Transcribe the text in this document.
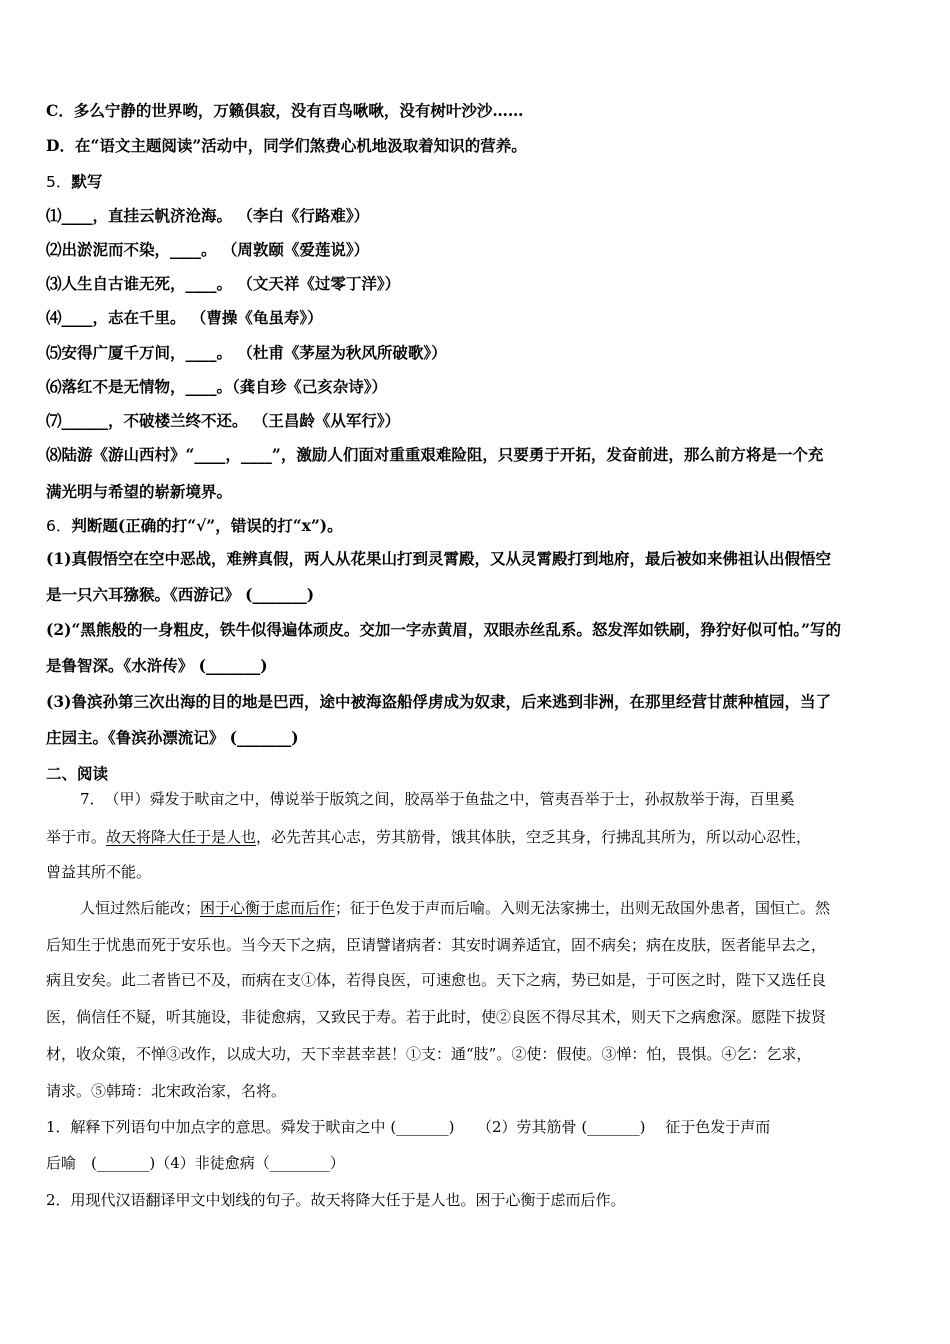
C．多么宁静的世界哟，万籁俱寂，没有百鸟啾啾，没有树叶沙沙……
D．在“语文主题阅读”活动中，同学们煞费心机地汲取着知识的营养。
5．默写
⑴____，直挂云帆济沧海。 （李白《行路难》）
⑵出淤泥而不染，____。 （周敦颐《爱莲说》）
⑶人生自古谁无死，____。 （文天祥《过零丁洋》）
⑷____，志在千里。 （曹操《龟虽寿》）
⑸安得广厦千万间，____。 （杜甫《茅屋为秋风所破歌》）
⑹落红不是无情物，____。（龚自珍《己亥杂诗》）
⑺______，不破楼兰终不还。 （王昌龄《从军行》）
⑻陆游《游山西村》“____，____”，激励人们面对重重艰难险阻，只要勇于开拓，发奋前进，那么前方将是一个充
满光明与希望的崭新境界。
6．判断题(正确的打“√”，错误的打“x”)。
(1)真假悟空在空中恶战，难辨真假，两人从花果山打到灵霄殿，又从灵霄殿打到地府，最后被如来佛祖认出假悟空
是一只六耳猕猴。《西游记》 (_______)
(2)“黑熊般的一身粗皮，铁牛似得遍体顽皮。交加一字赤黄眉，双眼赤丝乱系。怒发浑如铁刷，狰狞好似可怕。”写的
是鲁智深。《水浒传》 (_______)
(3)鲁滨孙第三次出海的目的地是巴西，途中被海盗船俘虏成为奴隶，后来逃到非洲，在那里经营甘蔗种植园，当了
庄园主。《鲁滨孙漂流记》 (_______)
二、阅读
7．　（甲）舜发于畎亩之中，傅说举于版筑之间，胶鬲举于鱼盐之中，管夷吾举于士，孙叔敖举于海，百里奚
举于市。故天将降大任于是人也，必先苦其心志，劳其筋骨，饿其体肤，空乏其身，行拂乱其所为，所以动心忍性，
曾益其所不能。
人恒过然后能改；困于心衡于虑而后作；征于色发于声而后喻。入则无法家拂士，出则无敌国外患者，国恒亡。然
后知生于忧患而死于安乐也。当今天下之病，臣请譬诸病者：其安时调养适宜，固不病矣；病在皮肤，医者能早去之，
病且安矣。此二者皆已不及，而病在支①体，若得良医，可速愈也。天下之病，势已如是，于可医之时，陛下又选任良
医，倘信任不疑，听其施设，非徒愈病，又致民于寿。若于此时，使②良医不得尽其术，则天下之病愈深。愿陛下拔贤
材，收众策，不惮③改作，以成大功，天下幸甚幸甚！①支：通“肢”。②使：假使。③惮：怕，畏惧。④乞：乞求，
请求。⑤韩琦：北宋政治家，名将。
1．解释下列语句中加点字的意思。舜发于畎亩之中 (_______)　　（2）劳其筋骨 (_______)　 征于色发于声而
后喻　(_______)（4）非徒愈病（________）
2．用现代汉语翻译甲文中划线的句子。故天将降大任于是人也。困于心衡于虑而后作。
